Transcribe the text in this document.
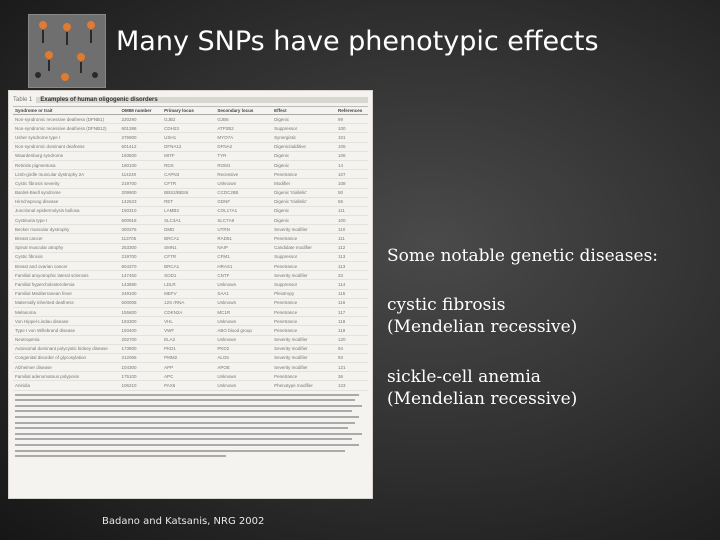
Many SNPs have phenotypic effects
Table 1	Examples of human oligogenic disorders
Syndrome or trait	OMIM number	Primary locus	Secondary locus	Effect	References
Non-syndromic recessive deafness (DFNB1)	220290	GJB2	GJB6	Digenic	99
Non-syndromic recessive deafness (DFNB12)	601386	CDH23	ATP2B2	Suppressor	100
Usher syndrome type I	276900	USH1	MYO7A	Synergistic	101
Non-syndromic dominant deafness	601412	DFNA12	DFNA2	Digenic/additive	105
Waardenburg syndrome	193500	MITF	TYR	Digenic	106
Retinitis pigmentosa	180100	RDS	ROM1	Digenic	14
Limb-girdle muscular dystrophy 2A	114240	CAPN3	Recessive	Penetrance	107
Cystic fibrosis severity	219700	CFTR	Unknown	Modifier	108
Bardet-Biedl syndrome	209900	BBS2/BBS6	CCDC28B	Digenic 'triallelic'	50
Hirschsprung disease	142623	RET	GDNF	Digenic 'triallelic'	56
Junctional epidermolysis bullosa	150310	LAMB3	COL17A1	Digenic	111
Cystinuria type I	600918	SLC3A1	SLC7A9	Digenic	100
Becker muscular dystrophy	300376	DMD	UTRN	Severity modifier	110
Breast cancer	113705	BRCA1	RAD51	Penetrance	111
Spinal muscular atrophy	253300	SMN1	NAIP	Candidate modifier	112
Cystic fibrosis	219700	CFTR	CFM1	Suppressor	113
Breast and ovarian cancer	604370	BRCA1	HRAS1	Penetrance	113
Familial amyotrophic lateral sclerosis	147450	SOD1	CNTF	Severity modifier	33
Familial hypercholesterolemia	143890	LDLR	Unknown	Suppressor	114
Familial Mediterranean fever	249100	MEFV	SAA1	Pleiotropy	115
Maternally inherited deafness	500008	12S rRNA	Unknown	Penetrance	116
Melanoma	155600	CDKN2A	MC1R	Penetrance	117
Von Hippel-Lindau disease	193300	VHL	Unknown	Penetrance	118
Type I von Willebrand disease	193400	VWF	ABO blood group	Penetrance	119
Neutropenia	202700	ELA2	Unknown	Severity modifier	120
Autosomal dominant polycystic kidney disease	173900	PKD1	PKD2	Severity modifier	94
Congenital disorder of glycosylation	212065	PMM2	ALG6	Severity modifier	93
Alzheimer disease	104300	APP	APOE	Severity modifier	121
Familial adenomatous polyposis	175100	APC	Unknown	Penetrance	36
Aniridia	106210	PAX6	Unknown	Phenotype modifier	123
Some notable genetic diseases:
cystic fibrosis
(Mendelian recessive)
sickle-cell anemia
(Mendelian recessive)
Badano and Katsanis, NRG 2002
